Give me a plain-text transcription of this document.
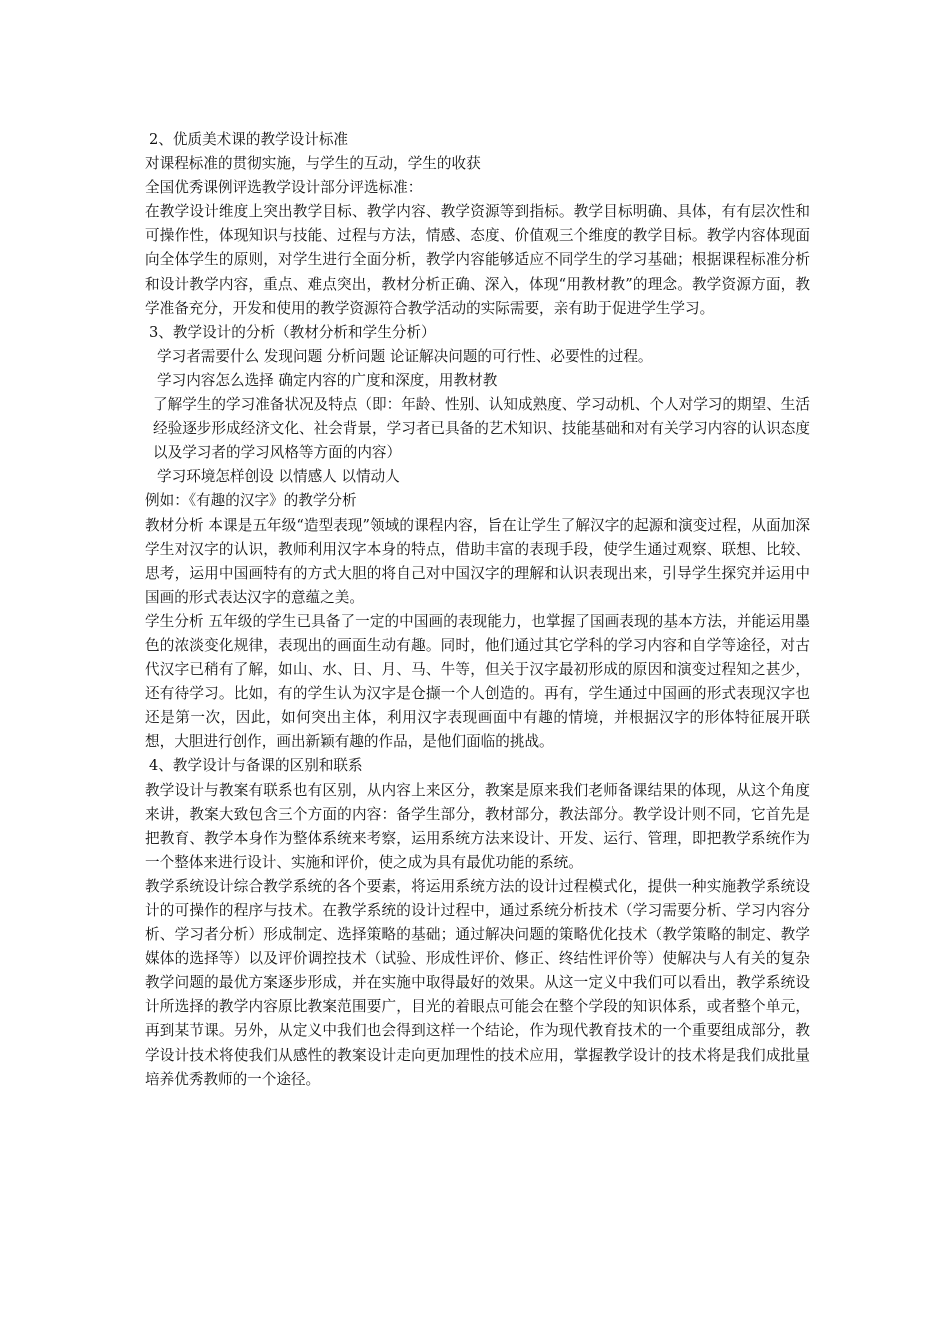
2、优质美术课的教学设计标准

对课程标准的贯彻实施，与学生的互动，学生的收获

全国优秀课例评选教学设计部分评选标准：

在教学设计维度上突出教学目标、教学内容、教学资源等到指标。教学目标明确、具体，有有层次性和可操作性，体现知识与技能、过程与方法，情感、态度、价值观三个维度的教学目标。教学内容体现面向全体学生的原则，对学生进行全面分析，教学内容能够适应不同学生的学习基础；根据课程标准分析和设计教学内容，重点、难点突出，教材分析正确、深入，体现“用教材教”的理念。教学资源方面，教学准备充分，开发和使用的教学资源符合教学活动的实际需要，亲有助于促进学生学习。

3、教学设计的分析（教材分析和学生分析）

学习者需要什么 发现问题 分析问题 论证解决问题的可行性、必要性的过程。

学习内容怎么选择 确定内容的广度和深度，用教材教

了解学生的学习准备状况及特点（即：年龄、性别、认知成熟度、学习动机、个人对学习的期望、生活经验逐步形成经济文化、社会背景，学习者已具备的艺术知识、技能基础和对有关学习内容的认识态度以及学习者的学习风格等方面的内容）

学习环境怎样创设 以情感人 以情动人

例如：《有趣的汉字》的教学分析

教材分析 本课是五年级“造型表现”领域的课程内容，旨在让学生了解汉字的起源和演变过程，从面加深学生对汉字的认识，教师利用汉字本身的特点，借助丰富的表现手段，使学生通过观察、联想、比较、思考，运用中国画特有的方式大胆的将自己对中国汉字的理解和认识表现出来，引导学生探究并运用中国画的形式表达汉字的意蕴之美。

学生分析 五年级的学生已具备了一定的中国画的表现能力，也掌握了国画表现的基本方法，并能运用墨色的浓淡变化规律，表现出的画面生动有趣。同时，他们通过其它学科的学习内容和自学等途径，对古代汉字已稍有了解，如山、水、日、月、马、牛等，但关于汉字最初形成的原因和演变过程知之甚少，还有待学习。比如，有的学生认为汉字是仓撷一个人创造的。再有，学生通过中国画的形式表现汉字也还是第一次，因此，如何突出主体，利用汉字表现画面中有趣的情境，并根据汉字的形体特征展开联想，大胆进行创作，画出新颖有趣的作品，是他们面临的挑战。

4、教学设计与备课的区别和联系

教学设计与教案有联系也有区别，从内容上来区分，教案是原来我们老师备课结果的体现，从这个角度来讲，教案大致包含三个方面的内容：备学生部分，教材部分，教法部分。教学设计则不同，它首先是把教育、教学本身作为整体系统来考察，运用系统方法来设计、开发、运行、管理，即把教学系统作为一个整体来进行设计、实施和评价，使之成为具有最优功能的系统。

教学系统设计综合教学系统的各个要素，将运用系统方法的设计过程模式化，提供一种实施教学系统设计的可操作的程序与技术。在教学系统的设计过程中，通过系统分析技术（学习需要分析、学习内容分析、学习者分析）形成制定、选择策略的基础；通过解决问题的策略优化技术（教学策略的制定、教学媒体的选择等）以及评价调控技术（试验、形成性评价、修正、终结性评价等）使解决与人有关的复杂教学问题的最优方案逐步形成，并在实施中取得最好的效果。从这一定义中我们可以看出，教学系统设计所选择的教学内容原比教案范围要广，目光的着眼点可能会在整个学段的知识体系，或者整个单元，再到某节课。另外，从定义中我们也会得到这样一个结论，作为现代教育技术的一个重要组成部分，教学设计技术将使我们从感性的教案设计走向更加理性的技术应用，掌握教学设计的技术将是我们成批量培养优秀教师的一个途径。
